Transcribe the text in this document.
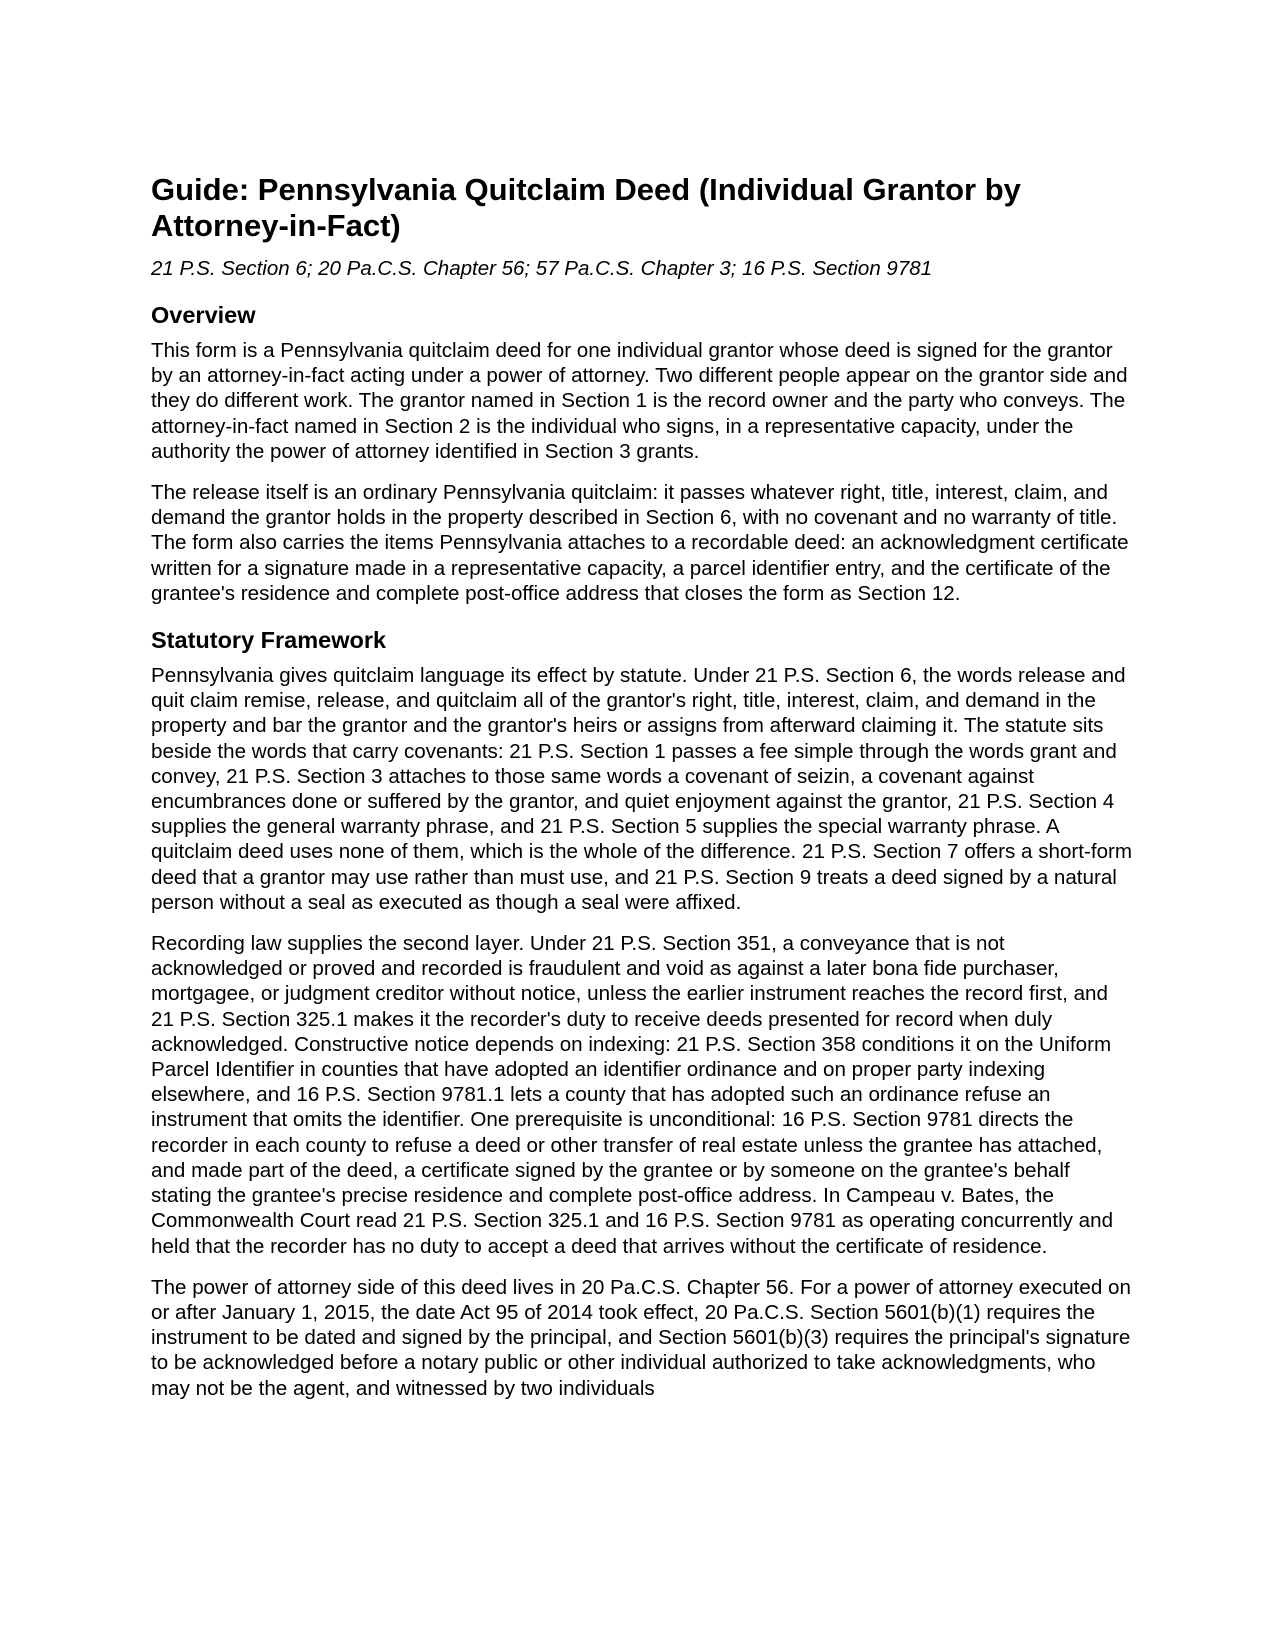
Guide: Pennsylvania Quitclaim Deed (Individual Grantor by Attorney-in-Fact)

21 P.S. Section 6; 20 Pa.C.S. Chapter 56; 57 Pa.C.S. Chapter 3; 16 P.S. Section 9781

Overview

This form is a Pennsylvania quitclaim deed for one individual grantor whose deed is signed for the grantor by an attorney-in-fact acting under a power of attorney. Two different people appear on the grantor side and they do different work. The grantor named in Section 1 is the record owner and the party who conveys. The attorney-in-fact named in Section 2 is the individual who signs, in a representative capacity, under the authority the power of attorney identified in Section 3 grants.

The release itself is an ordinary Pennsylvania quitclaim: it passes whatever right, title, interest, claim, and demand the grantor holds in the property described in Section 6, with no covenant and no warranty of title. The form also carries the items Pennsylvania attaches to a recordable deed: an acknowledgment certificate written for a signature made in a representative capacity, a parcel identifier entry, and the certificate of the grantee's residence and complete post-office address that closes the form as Section 12.

Statutory Framework

Pennsylvania gives quitclaim language its effect by statute. Under 21 P.S. Section 6, the words release and quit claim remise, release, and quitclaim all of the grantor's right, title, interest, claim, and demand in the property and bar the grantor and the grantor's heirs or assigns from afterward claiming it. The statute sits beside the words that carry covenants: 21 P.S. Section 1 passes a fee simple through the words grant and convey, 21 P.S. Section 3 attaches to those same words a covenant of seizin, a covenant against encumbrances done or suffered by the grantor, and quiet enjoyment against the grantor, 21 P.S. Section 4 supplies the general warranty phrase, and 21 P.S. Section 5 supplies the special warranty phrase. A quitclaim deed uses none of them, which is the whole of the difference. 21 P.S. Section 7 offers a short-form deed that a grantor may use rather than must use, and 21 P.S. Section 9 treats a deed signed by a natural person without a seal as executed as though a seal were affixed.

Recording law supplies the second layer. Under 21 P.S. Section 351, a conveyance that is not acknowledged or proved and recorded is fraudulent and void as against a later bona fide purchaser, mortgagee, or judgment creditor without notice, unless the earlier instrument reaches the record first, and 21 P.S. Section 325.1 makes it the recorder's duty to receive deeds presented for record when duly acknowledged. Constructive notice depends on indexing: 21 P.S. Section 358 conditions it on the Uniform Parcel Identifier in counties that have adopted an identifier ordinance and on proper party indexing elsewhere, and 16 P.S. Section 9781.1 lets a county that has adopted such an ordinance refuse an instrument that omits the identifier. One prerequisite is unconditional: 16 P.S. Section 9781 directs the recorder in each county to refuse a deed or other transfer of real estate unless the grantee has attached, and made part of the deed, a certificate signed by the grantee or by someone on the grantee's behalf stating the grantee's precise residence and complete post-office address. In Campeau v. Bates, the Commonwealth Court read 21 P.S. Section 325.1 and 16 P.S. Section 9781 as operating concurrently and held that the recorder has no duty to accept a deed that arrives without the certificate of residence.

The power of attorney side of this deed lives in 20 Pa.C.S. Chapter 56. For a power of attorney executed on or after January 1, 2015, the date Act 95 of 2014 took effect, 20 Pa.C.S. Section 5601(b)(1) requires the instrument to be dated and signed by the principal, and Section 5601(b)(3) requires the principal's signature to be acknowledged before a notary public or other individual authorized to take acknowledgments, who may not be the agent, and witnessed by two individuals
